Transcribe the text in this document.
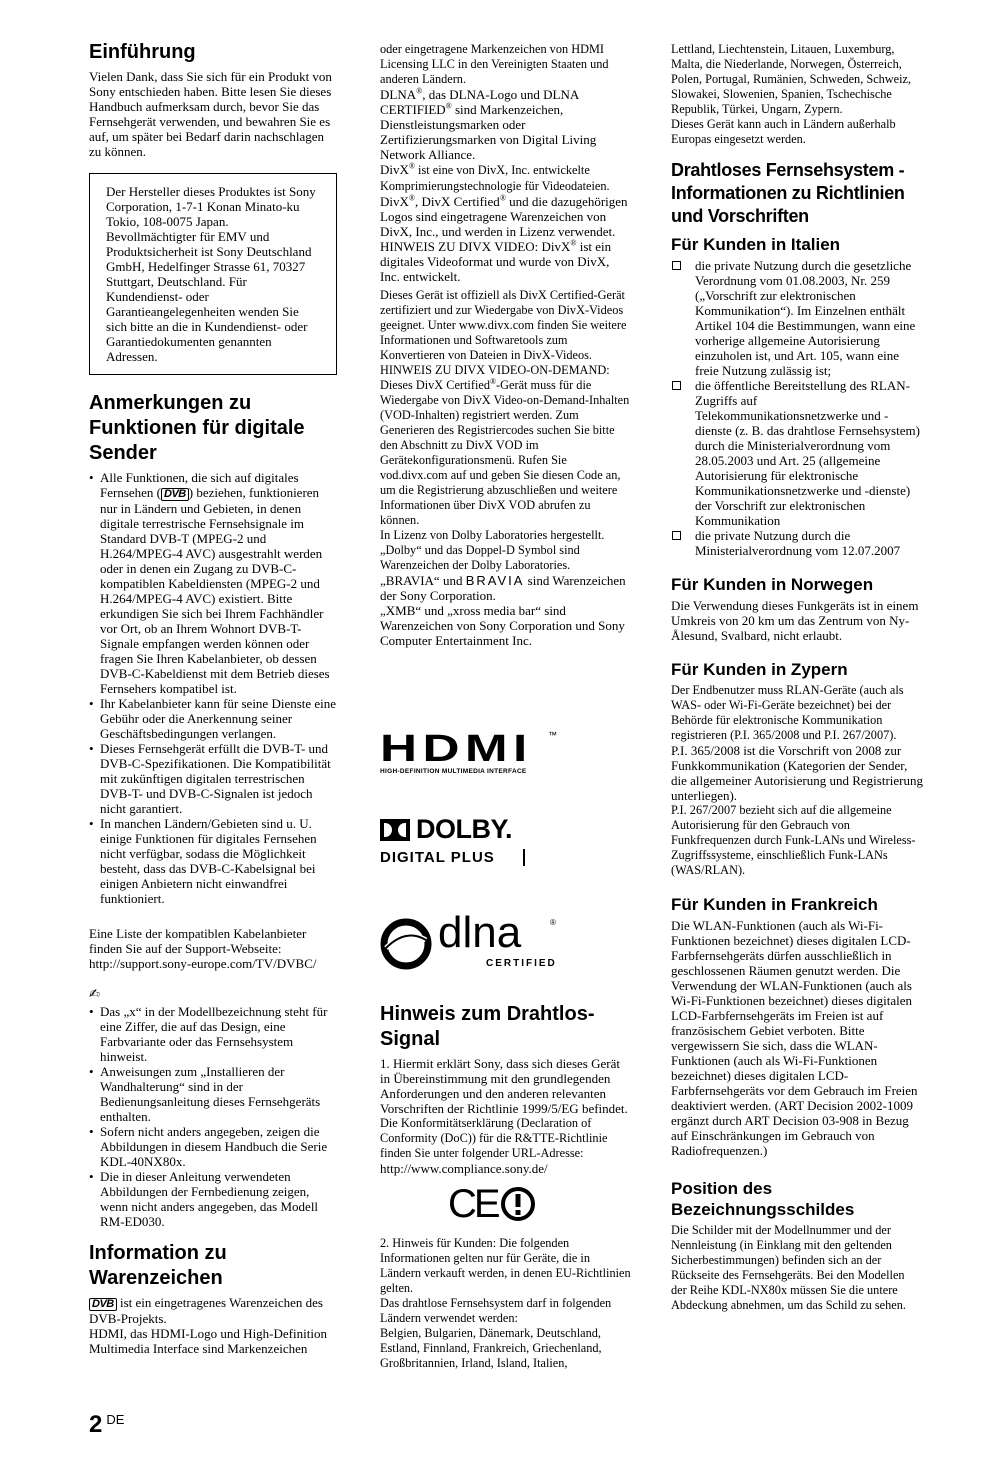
Einführung

Vielen Dank, dass Sie sich für ein Produkt von Sony entschieden haben. Bitte lesen Sie dieses Handbuch aufmerksam durch, bevor Sie das Fernsehgerät verwenden, und bewahren Sie es auf, um später bei Bedarf darin nachschlagen zu können.

Der Hersteller dieses Produktes ist Sony Corporation, 1-7-1 Konan Minato-ku Tokio, 108-0075 Japan. Bevollmächtigter für EMV und Produktsicherheit ist Sony Deutschland GmbH, Hedelfinger Strasse 61, 70327 Stuttgart, Deutschland. Für Kundendienst- oder Garantieangelegenheiten wenden Sie sich bitte an die in Kundendienst- oder Garantiedokumenten genannten Adressen.

Anmerkungen zu Funktionen für digitale Sender
• Alle Funktionen, die sich auf digitales Fernsehen ( DVB ) beziehen, funktionieren nur in Ländern und Gebieten, in denen digitale terrestrische Fernsehsignale im Standard DVB-T (MPEG-2 und H.264/MPEG-4 AVC) ausgestrahlt werden oder in denen ein Zugang zu DVB-C-kompatiblen Kabeldiensten (MPEG-2 und H.264/MPEG-4 AVC) existiert. Bitte erkundigen Sie sich bei Ihrem Fachhändler vor Ort, ob an Ihrem Wohnort DVB-T-Signale empfangen werden können oder fragen Sie Ihren Kabelanbieter, ob dessen DVB-C-Kabeldienst mit dem Betrieb dieses Fernsehers kompatibel ist.
• Ihr Kabelanbieter kann für seine Dienste eine Gebühr oder die Anerkennung seiner Geschäftsbedingungen verlangen.
• Dieses Fernsehgerät erfüllt die DVB-T- und DVB-C-Spezifikationen. Die Kompatibilität mit zukünftigen digitalen terrestrischen DVB-T- und DVB-C-Signalen ist jedoch nicht garantiert.
• In manchen Ländern/Gebieten sind u. U. einige Funktionen für digitales Fernsehen nicht verfügbar, sodass die Möglichkeit besteht, dass das DVB-C-Kabelsignal bei einigen Anbietern nicht einwandfrei funktioniert.

Eine Liste der kompatiblen Kabelanbieter finden Sie auf der Support-Webseite:

http://support.sony-europe.com/TV/DVBC/

✍
• Das „x“ in der Modellbezeichnung steht für eine Ziffer, die auf das Design, eine Farbvariante oder das Fernsehsystem hinweist.
• Anweisungen zum „Installieren der Wandhalterung“ sind in der Bedienungsanleitung dieses Fernsehgeräts enthalten.
• Sofern nicht anders angegeben, zeigen die Abbildungen in diesem Handbuch die Serie KDL-40NX80x.
• Die in dieser Anleitung verwendeten Abbildungen der Fernbedienung zeigen, wenn nicht anders angegeben, das Modell RM-ED030.
Information zu Warenzeichen

DVB ist ein eingetragenes Warenzeichen des DVB-Projekts.

HDMI, das HDMI-Logo und High-Definition Multimedia Interface sind Markenzeichen

oder eingetragene Markenzeichen von HDMI Licensing LLC in den Vereinigten Staaten und anderen Ländern.

DLNA®, das DLNA-Logo und DLNA CERTIFIED® sind Markenzeichen, Dienstleistungsmarken oder Zertifizierungsmarken von Digital Living Network Alliance.

DivX® ist eine von DivX, Inc. entwickelte Komprimierungstechnologie für Videodateien.

DivX®, DivX Certified® und die dazugehörigen Logos sind eingetragene Warenzeichen von DivX, Inc., und werden in Lizenz verwendet.

HINWEIS ZU DIVX VIDEO: DivX® ist ein digitales Videoformat und wurde von DivX, Inc. entwickelt.

Dieses Gerät ist offiziell als DivX Certified-Gerät zertifiziert und zur Wiedergabe von DivX-Videos geeignet. Unter www.divx.com finden Sie weitere Informationen und Softwaretools zum Konvertieren von Dateien in DivX-Videos.

HINWEIS ZU DIVX VIDEO-ON-DEMAND: Dieses DivX Certified®-Gerät muss für die Wiedergabe von DivX Video-on-Demand-Inhalten (VOD-Inhalten) registriert werden. Zum Generieren des Registriercodes suchen Sie bitte den Abschnitt zu DivX VOD im Gerätekonfigurationsmenü. Rufen Sie vod.divx.com auf und geben Sie diesen Code an, um die Registrierung abzuschließen und weitere Informationen über DivX VOD abrufen zu können.

In Lizenz von Dolby Laboratories hergestellt. „Dolby“ und das Doppel-D Symbol sind Warenzeichen der Dolby Laboratories.

„BRAVIA“ und BRAVIA sind Warenzeichen der Sony Corporation.

„XMB“ und „xross media bar“ sind Warenzeichen von Sony Corporation und Sony Computer Entertainment Inc.

HDMI ™
HIGH-DEFINITION MULTIMEDIA INTERFACE
DOLBY.
DIGITAL PLUS
dlna	®
CERTIFIED
Hinweis zum Drahtlos-Signal

1. Hiermit erklärt Sony, dass sich dieses Gerät in Übereinstimmung mit den grundlegenden Anforderungen und den anderen relevanten Vorschriften der Richtlinie 1999/5/EG befindet.

Die Konformitätserklärung (Declaration of Conformity (DoC)) für die R&TTE-Richtlinie finden Sie unter folgender URL-Adresse:

http://www.compliance.sony.de/

CE

2. Hinweis für Kunden: Die folgenden Informationen gelten nur für Geräte, die in Ländern verkauft werden, in denen EU-Richtlinien gelten.

Das drahtlose Fernsehsystem darf in folgenden Ländern verwendet werden:

Belgien, Bulgarien, Dänemark, Deutschland, Estland, Finnland, Frankreich, Griechenland, Großbritannien, Irland, Island, Italien,

Lettland, Liechtenstein, Litauen, Luxemburg, Malta, die Niederlande, Norwegen, Österreich, Polen, Portugal, Rumänien, Schweden, Schweiz, Slowakei, Slowenien, Spanien, Tschechische Republik, Türkei, Ungarn, Zypern.

Dieses Gerät kann auch in Ländern außerhalb Europas eingesetzt werden.

Drahtloses Fernsehsystem - Informationen zu Richtlinien und Vorschriften
Für Kunden in Italien
die private Nutzung durch die gesetzliche Verordnung vom 01.08.2003, Nr. 259 („Vorschrift zur elektronischen Kommunikation“). Im Einzelnen enthält Artikel 104 die Bestimmungen, wann eine vorherige allgemeine Autorisierung einzuholen ist, und Art. 105, wann eine freie Nutzung zulässig ist;
die öffentliche Bereitstellung des RLAN-Zugriffs auf Telekommunikationsnetzwerke und -dienste (z. B. das drahtlose Fernsehsystem) durch die Ministerialverordnung vom 28.05.2003 und Art. 25 (allgemeine Autorisierung für elektronische Kommunikationsnetzwerke und -dienste) der Vorschrift zur elektronischen Kommunikation
die private Nutzung durch die Ministerialverordnung vom 12.07.2007
Für Kunden in Norwegen

Die Verwendung dieses Funkgeräts ist in einem Umkreis von 20 km um das Zentrum von Ny-Ålesund, Svalbard, nicht erlaubt.

Für Kunden in Zypern

Der Endbenutzer muss RLAN-Geräte (auch als WAS- oder Wi-Fi-Geräte bezeichnet) bei der Behörde für elektronische Kommunikation registrieren (P.I. 365/2008 und P.I. 267/2007).

P.I. 365/2008 ist die Vorschrift von 2008 zur Funkkommunikation (Kategorien der Sender, die allgemeiner Autorisierung und Registrierung unterliegen).

P.I. 267/2007 bezieht sich auf die allgemeine Autorisierung für den Gebrauch von Funkfrequenzen durch Funk-LANs und Wireless-Zugriffssysteme, einschließlich Funk-LANs (WAS/RLAN).

Für Kunden in Frankreich

Die WLAN-Funktionen (auch als Wi-Fi-Funktionen bezeichnet) dieses digitalen LCD-Farbfernsehgeräts dürfen ausschließlich in geschlossenen Räumen genutzt werden. Die Verwendung der WLAN-Funktionen (auch als Wi-Fi-Funktionen bezeichnet) dieses digitalen LCD-Farbfernsehgeräts im Freien ist auf französischem Gebiet verboten. Bitte vergewissern Sie sich, dass die WLAN-Funktionen (auch als Wi-Fi-Funktionen bezeichnet) dieses digitalen LCD-Farbfernsehgeräts vor dem Gebrauch im Freien deaktiviert werden. (ART Decision 2002-1009 ergänzt durch ART Decision 03-908 in Bezug auf Einschränkungen im Gebrauch von Radiofrequenzen.)

Position des Bezeichnungsschildes

Die Schilder mit der Modellnummer und der Nennleistung (in Einklang mit den geltenden Sicherbestimmungen) befinden sich an der Rückseite des Fernsehgeräts. Bei den Modellen der Reihe KDL-NX80x müssen Sie die untere Abdeckung abnehmen, um das Schild zu sehen.

2 $^{DE}$
